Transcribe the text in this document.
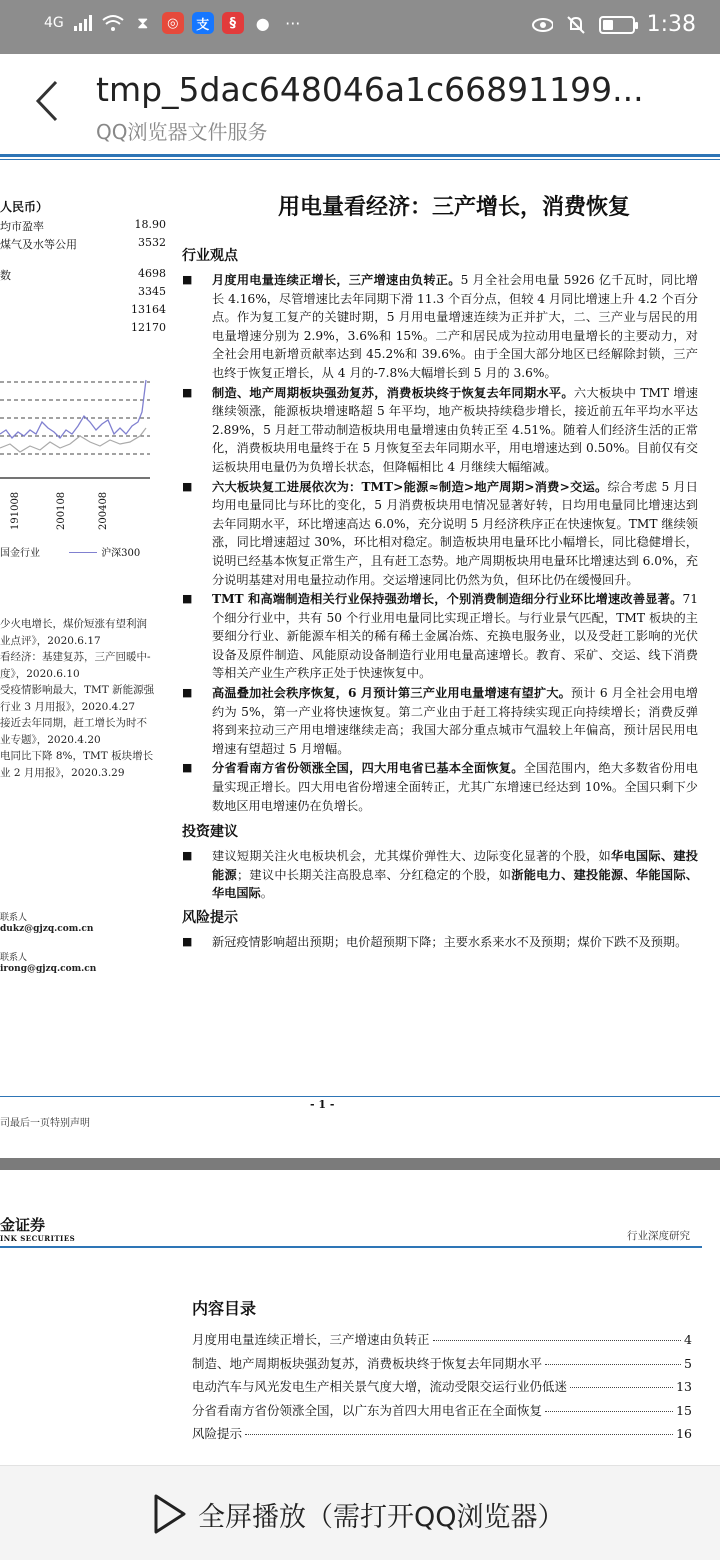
4G	⧗	◎	支	§	● ···	1:38
tmp_5dac648046a1c66891199...
QQ浏览器文件服务
人民币）
均市盈率	18.90
煤气及水等公用	3532
数	4698
3345
13164
12170
191008	200108	200408
国金行业	沪深300
少火电增长，煤价短涨有望利润
业点评》，2020.6.17
看经济：基建复苏，三产回暖中-
度》，2020.6.10
受疫情影响最大，TMT 新能源强
行业 3 月用报》，2020.4.27
接近去年同期，赶工增长为时不
业专题》，2020.4.20
电同比下降 8%，TMT 板块增长
业 2 月用报》，2020.3.29
联系人
dukz@gjzq.com.cn
联系人
irong@gjzq.com.cn
用电量看经济：三产增长，消费恢复
行业观点
■ 月度用电量连续正增长，三产增速由负转正。5 月全社会用电量 5926 亿千瓦时，同比增长 4.16%，尽管增速比去年同期下滑 11.3 个百分点，但较 4 月同比增速上升 4.2 个百分点。作为复工复产的关键时期，5 月用电量增速连续为正并扩大，二、三产业与居民的用电量增速分别为 2.9%，3.6%和 15%。二产和居民成为拉动用电量增长的主要动力，对全社会用电新增贡献率达到 45.2%和 39.6%。由于全国大部分地区已经解除封锁，三产也终于恢复正增长，从 4 月的-7.8%大幅增长到 5 月的 3.6%。
■ 制造、地产周期板块强劲复苏，消费板块终于恢复去年同期水平。六大板块中 TMT 增速继续领涨，能源板块增速略超 5 年平均，地产板块持续稳步增长，接近前五年平均水平达 2.89%，5 月赶工带动制造板块用电量增速由负转正至 4.51%。随着人们经济生活的正常化，消费板块用电量终于在 5 月恢复至去年同期水平，用电增速达到 0.50%。目前仅有交运板块用电量仍为负增长状态，但降幅相比 4 月继续大幅缩减。
■ 六大板块复工进展依次为：TMT>能源≈制造>地产周期>消费>交运。综合考虑 5 月日均用电量同比与环比的变化，5 月消费板块用电情况显著好转，日均用电量同比增速达到去年同期水平，环比增速高达 6.0%，充分说明 5 月经济秩序正在快速恢复。TMT 继续领涨，同比增速超过 30%，环比相对稳定。制造板块用电量环比小幅增长，同比稳健增长，说明已经基本恢复正常生产，且有赶工态势。地产周期板块用电量环比增速达到 6.0%，充分说明基建对用电量拉动作用。交运增速同比仍然为负，但环比仍在缓慢回升。
■ TMT 和高端制造相关行业保持强劲增长，个别消费制造细分行业环比增速改善显著。71 个细分行业中，共有 50 个行业用电量同比实现正增长。与行业景气匹配，TMT 板块的主要细分行业、新能源车相关的稀有稀土金属冶炼、充换电服务业，以及受赶工影响的光伏设备及原件制造、风能原动设备制造行业用电量高速增长。教育、采矿、交运、线下消费等相关产业生产秩序正处于快速恢复中。
■ 高温叠加社会秩序恢复，6 月预计第三产业用电量增速有望扩大。预计 6 月全社会用电增约为 5%，第一产业将快速恢复。第二产业由于赶工将持续实现正向持续增长；消费反弹将到来拉动三产用电增速继续走高；我国大部分重点城市气温较上年偏高，预计居民用电增速有望超过 5 月增幅。
■ 分省看南方省份领涨全国，四大用电省已基本全面恢复。全国范围内，绝大多数省份用电量实现正增长。四大用电省份增速全面转正，尤其广东增速已经达到 10%。全国只剩下少数地区用电增速仍在负增长。
投资建议
■ 建议短期关注火电板块机会，尤其煤价弹性大、边际变化显著的个股，如华电国际、建投能源；建议中长期关注高股息率、分红稳定的个股，如浙能电力、建投能源、华能国际、华电国际。
风险提示
■ 新冠疫情影响超出预期；电价超预期下降；主要水系来水不及预期；煤价下跌不及预期。
- 1 -
司最后一页特别声明
金证券
INK SECURITIES	行业深度研究
内容目录
月度用电量连续正增长，三产增速由负转正	4
制造、地产周期板块强劲复苏，消费板块终于恢复去年同期水平	5
电动汽车与风光发电生产相关景气度大增，流动受限交运行业仍低迷	13
分省看南方省份领涨全国，以广东为首四大用电省正在全面恢复	15
风险提示	16
全屏播放（需打开QQ浏览器）
